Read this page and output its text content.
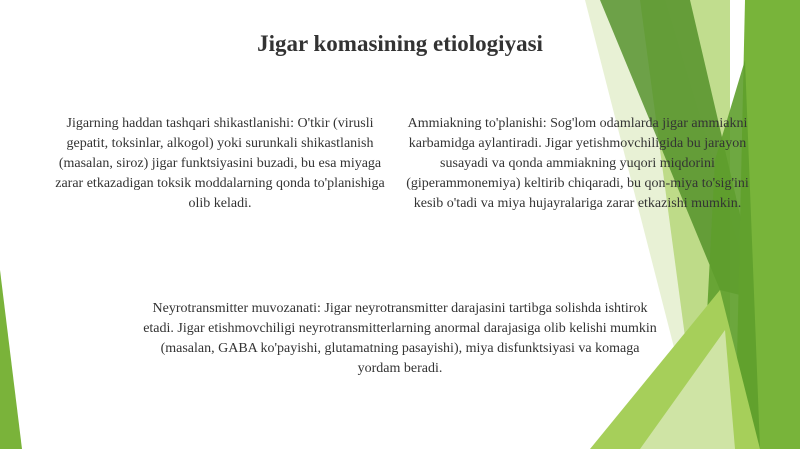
Jigar komasining etiologiyasi
Jigarning haddan tashqari shikastlanishi: O'tkir (virusli gepatit, toksinlar, alkogol) yoki surunkali shikastlanish (masalan, siroz) jigar funktsiyasini buzadi, bu esa miyaga zarar etkazadigan toksik moddalarning qonda to'planishiga olib keladi.
Ammiakning to'planishi: Sog'lom odamlarda jigar ammiakni karbamidga aylantiradi. Jigar yetishmovchiligida bu jarayon susayadi va qonda ammiakning yuqori miqdorini (giperammonemiya) keltirib chiqaradi, bu qon-miya to'sig'ini kesib o'tadi va miya hujayralariga zarar etkazishi mumkin.
Neyrotransmitter muvozanati: Jigar neyrotransmitter darajasini tartibga solishda ishtirok etadi. Jigar etishmovchiligi neyrotransmitterlarning anormal darajasiga olib kelishi mumkin (masalan, GABA ko'payishi, glutamatning pasayishi), miya disfunktsiyasi va komaga yordam beradi.
